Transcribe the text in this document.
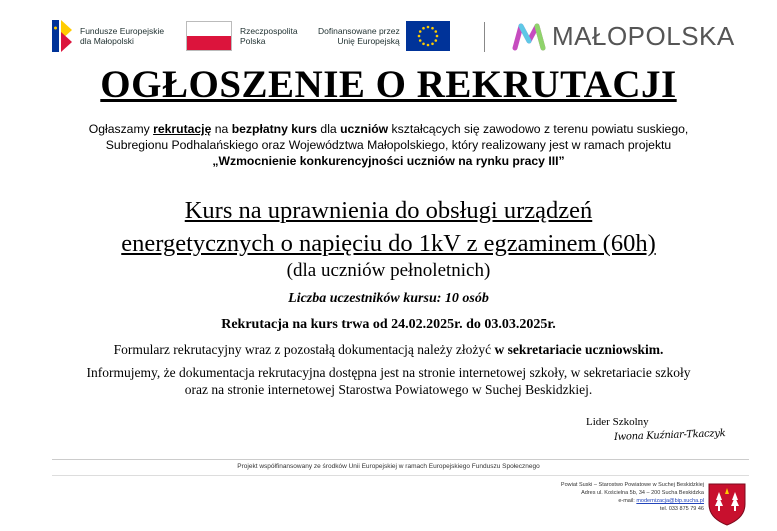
Fundusze Europejskie
dla Małopolski
Rzeczpospolita
Polska
Dofinansowane przez
Unię Europejską	MAŁOPOLSKA
OGŁOSZENIE O REKRUTACJI
Ogłaszamy rekrutację na bezpłatny kurs dla uczniów kształcących się zawodowo z terenu powiatu suskiego,
Subregionu Podhalańskiego oraz Województwa Małopolskiego, który realizowany jest w ramach projektu
„Wzmocnienie konkurencyjności uczniów na rynku pracy III”
Kurs na uprawnienia do obsługi urządzeń
energetycznych o napięciu do 1kV z egzaminem (60h)
(dla uczniów pełnoletnich)
Liczba uczestników kursu: 10 osób
Rekrutacja na kurs trwa od 24.02.2025r. do 03.03.2025r.
Formularz rekrutacyjny wraz z pozostałą dokumentacją należy złożyć w sekretariacie uczniowskim.
Informujemy, że dokumentacja rekrutacyjna dostępna jest na stronie internetowej szkoły, w sekretariacie szkoły
oraz na stronie internetowej Starostwa Powiatowego w Suchej Beskidzkiej.
Lider Szkolny
Iwona Kuźniar-Tkaczyk
Projekt współfinansowany ze środków Unii Europejskiej w ramach Europejskiego Funduszu Społecznego
Powiat Suski – Starostwo Powiatowe w Suchej Beskidzkiej
Adres ul. Kościelna 5b, 34 – 200 Sucha Beskidzka
e-mail: modernizacja@bip.sucha.pl
tel. 033 875 79 46
